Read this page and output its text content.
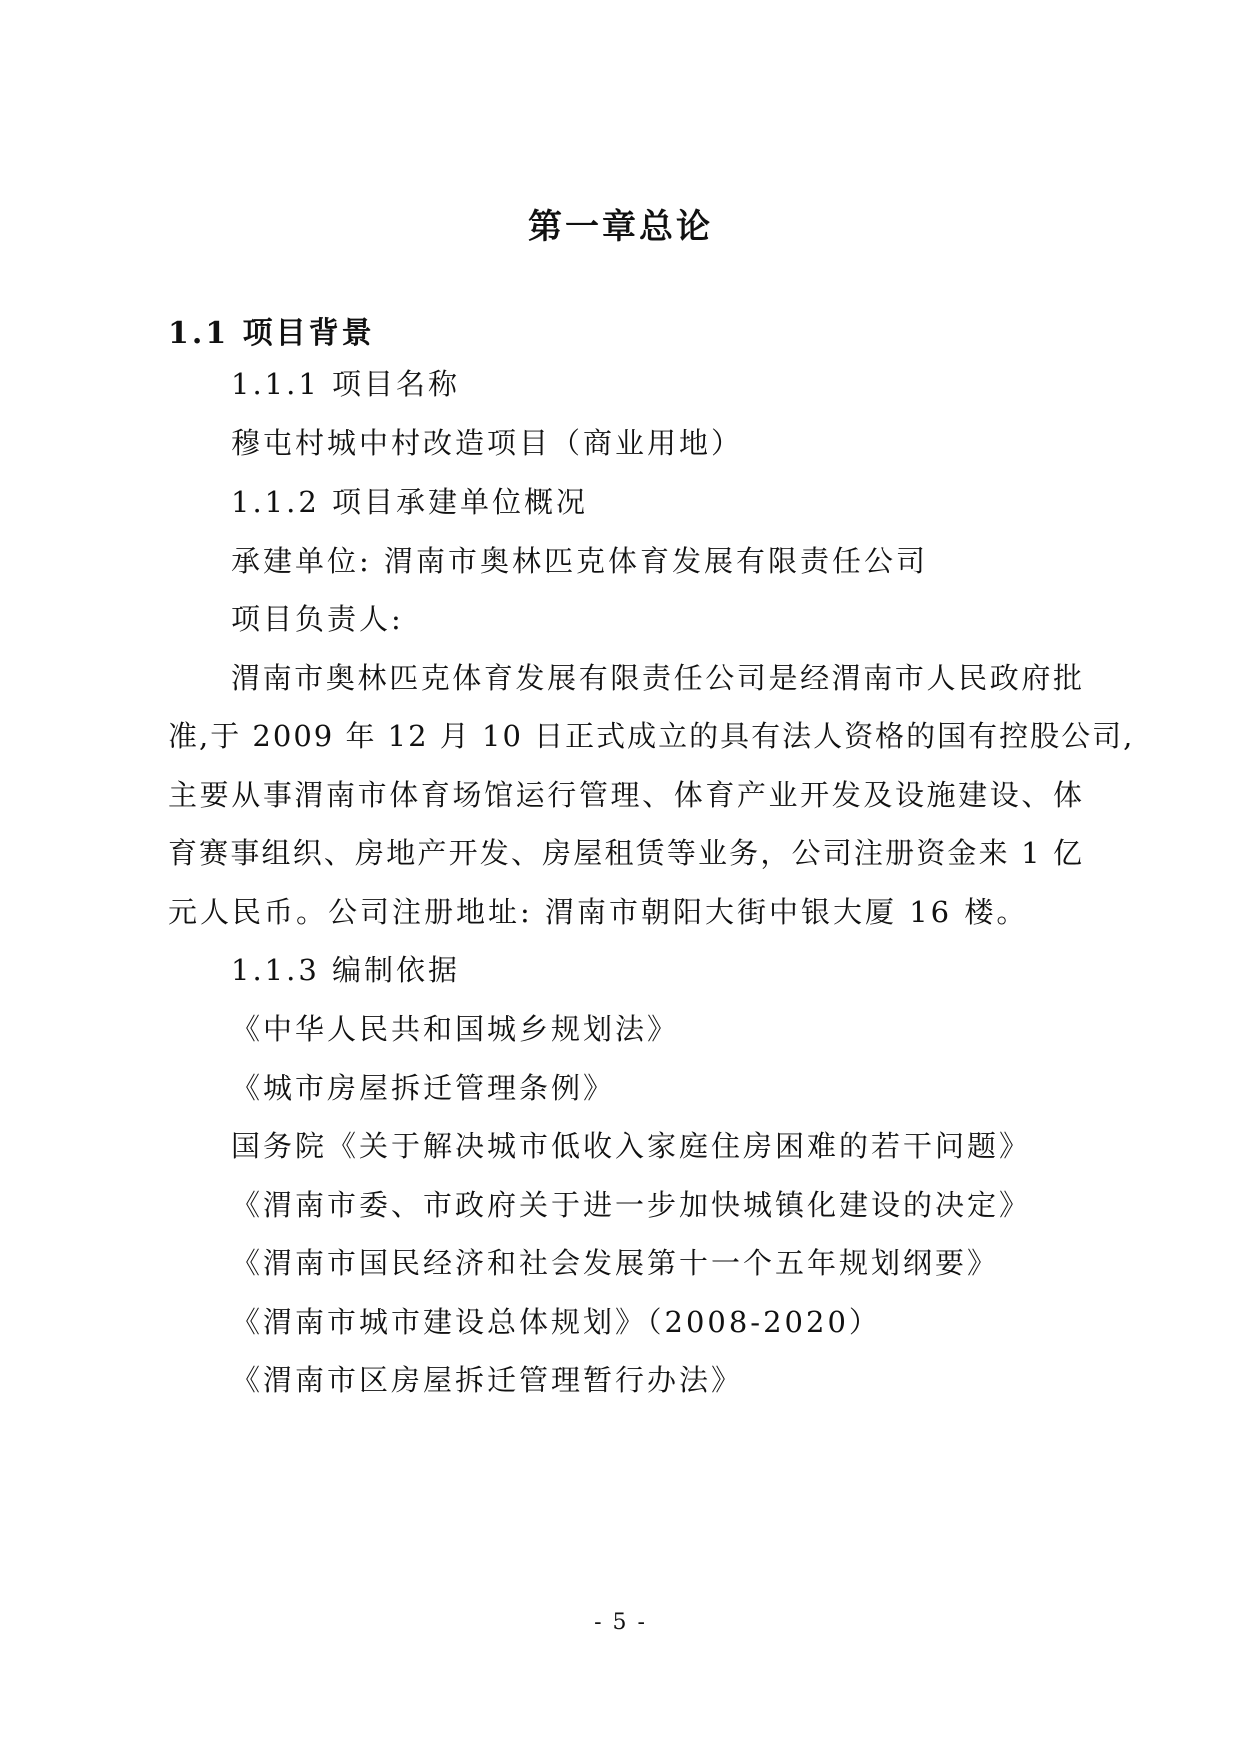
第一章总论
1.1 项目背景
1.1.1 项目名称
穆屯村城中村改造项目（商业用地）
1.1.2 项目承建单位概况
承建单位: 渭南市奥林匹克体育发展有限责任公司
项目负责人:
渭南市奥林匹克体育发展有限责任公司是经渭南市人民政府批
准,于 2009 年 12 月 10 日正式成立的具有法人资格的国有控股公司,
主要从事渭南市体育场馆运行管理、体育产业开发及设施建设、体
育赛事组织、房地产开发、房屋租赁等业务，公司注册资金来 1 亿
元人民币。公司注册地址: 渭南市朝阳大街中银大厦 16 楼。
1.1.3 编制依据
《中华人民共和国城乡规划法》
《城市房屋拆迁管理条例》
国务院《关于解决城市低收入家庭住房困难的若干问题》
《渭南市委、市政府关于进一步加快城镇化建设的决定》
《渭南市国民经济和社会发展第十一个五年规划纲要》
《渭南市城市建设总体规划》（2008-2020）
《渭南市区房屋拆迁管理暂行办法》
- 5 -
